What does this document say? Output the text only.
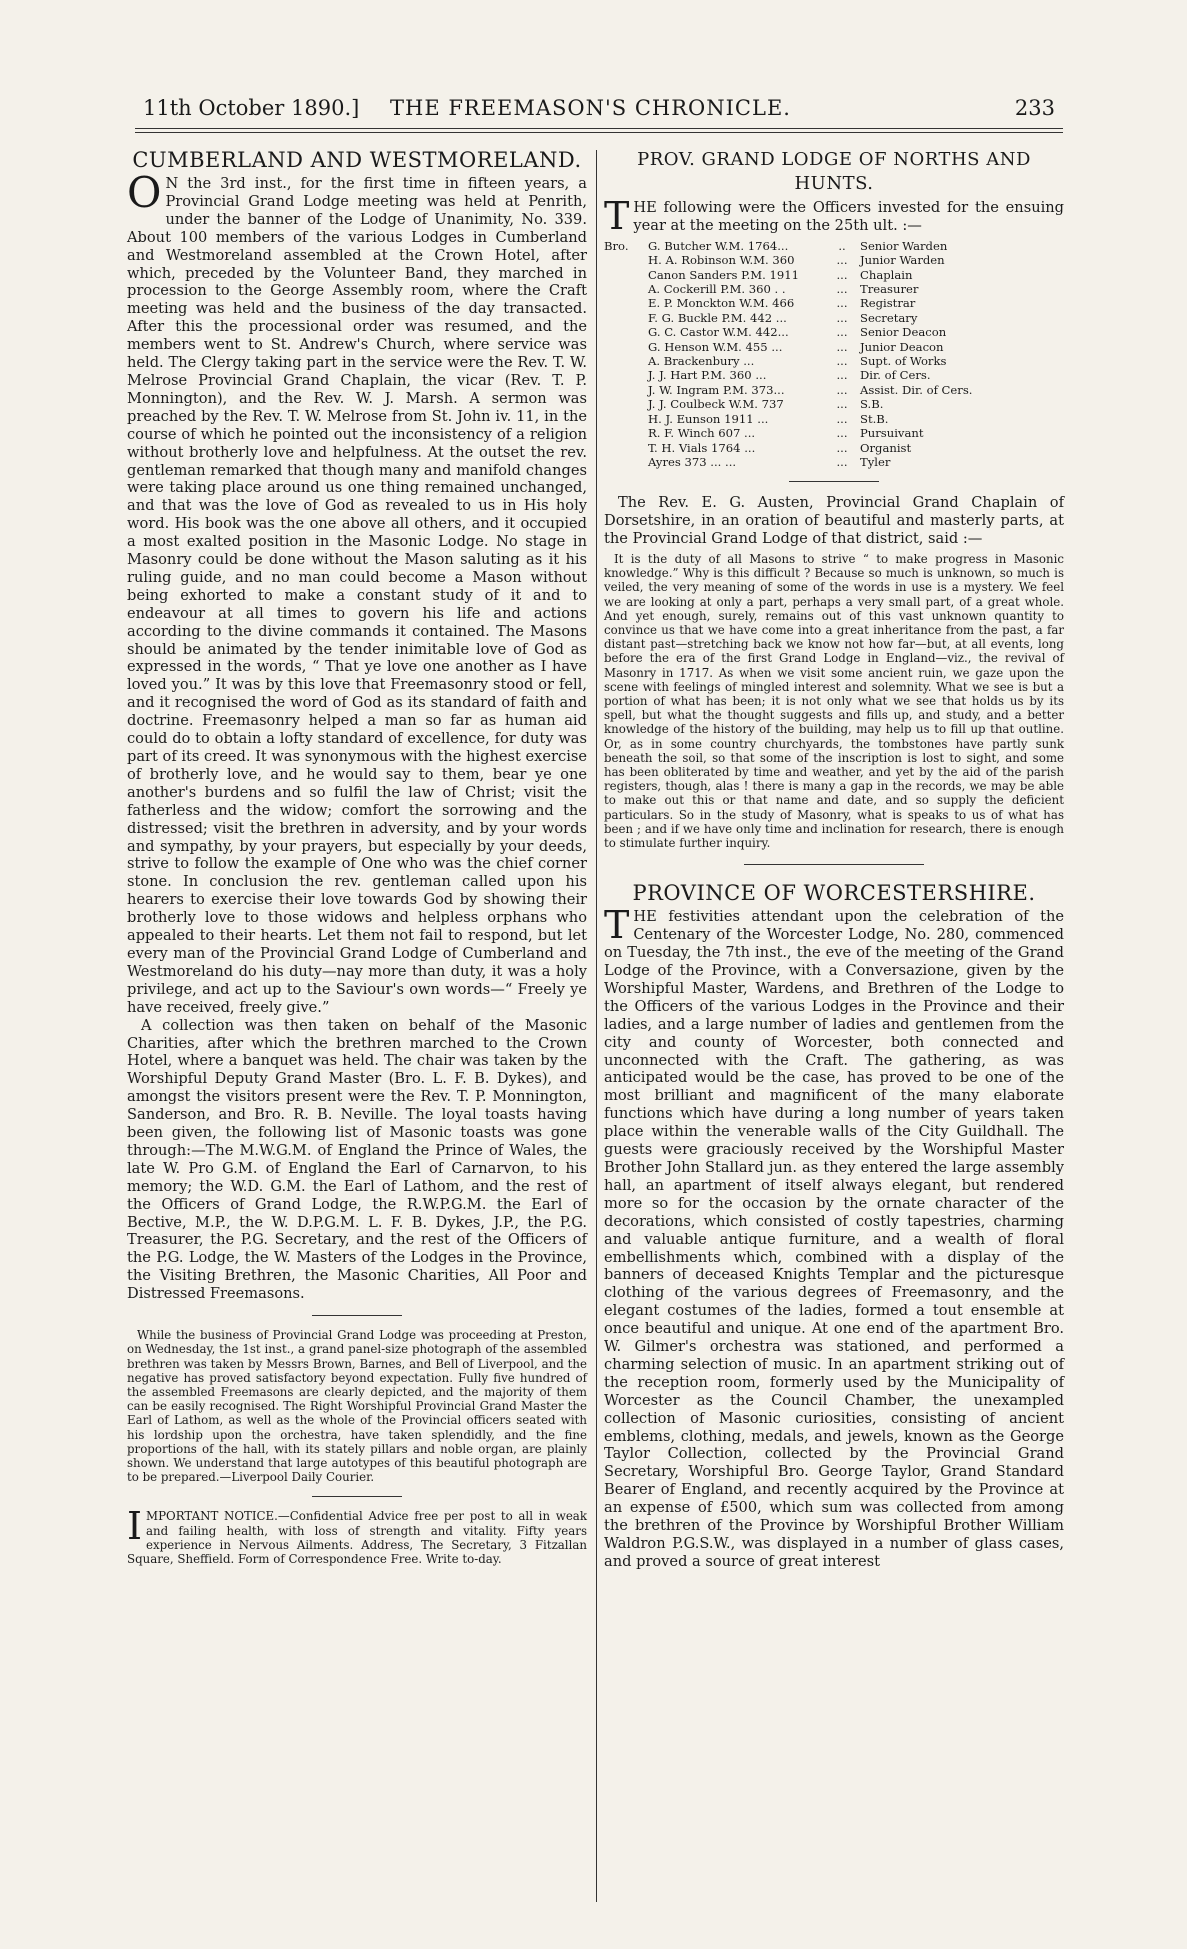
11th October 1890.] THE FREEMASON'S CHRONICLE.	233
CUMBERLAND AND WESTMORELAND.

O N the 3rd inst., for the first time in fifteen years, a Provincial Grand Lodge meeting was held at Penrith, under the banner of the Lodge of Unanimity, No. 339. About 100 members of the various Lodges in Cumberland and Westmoreland assembled at the Crown Hotel, after which, preceded by the Volunteer Band, they marched in procession to the George Assembly room, where the Craft meeting was held and the business of the day transacted. After this the processional order was resumed, and the members went to St. Andrew's Church, where service was held. The Clergy taking part in the service were the Rev. T. W. Melrose Provincial Grand Chaplain, the vicar (Rev. T. P. Monnington), and the Rev. W. J. Marsh. A sermon was preached by the Rev. T. W. Melrose from St. John iv. 11, in the course of which he pointed out the inconsistency of a religion without brotherly love and helpfulness. At the outset the rev. gentleman remarked that though many and manifold changes were taking place around us one thing remained unchanged, and that was the love of God as revealed to us in His holy word. His book was the one above all others, and it occupied a most exalted position in the Masonic Lodge. No stage in Masonry could be done without the Mason saluting as it his ruling guide, and no man could become a Mason without being exhorted to make a constant study of it and to endeavour at all times to govern his life and actions according to the divine commands it contained. The Masons should be animated by the tender inimitable love of God as expressed in the words, “ That ye love one another as I have loved you.” It was by this love that Freemasonry stood or fell, and it recognised the word of God as its standard of faith and doctrine. Freemasonry helped a man so far as human aid could do to obtain a lofty standard of excellence, for duty was part of its creed. It was synonymous with the highest exercise of brotherly love, and he would say to them, bear ye one another's burdens and so fulfil the law of Christ; visit the fatherless and the widow; comfort the sorrowing and the distressed; visit the brethren in adversity, and by your words and sympathy, by your prayers, but especially by your deeds, strive to follow the example of One who was the chief corner stone. In conclusion the rev. gentleman called upon his hearers to exercise their love towards God by showing their brotherly love to those widows and helpless orphans who appealed to their hearts. Let them not fail to respond, but let every man of the Provincial Grand Lodge of Cumberland and Westmoreland do his duty—nay more than duty, it was a holy privilege, and act up to the Saviour's own words—“ Freely ye have received, freely give.”

A collection was then taken on behalf of the Masonic Charities, after which the brethren marched to the Crown Hotel, where a banquet was held. The chair was taken by the Worshipful Deputy Grand Master (Bro. L. F. B. Dykes), and amongst the visitors present were the Rev. T. P. Monnington, Sanderson, and Bro. R. B. Neville. The loyal toasts having been given, the following list of Masonic toasts was gone through:—The M.W.G.M. of England the Prince of Wales, the late W. Pro G.M. of England the Earl of Carnarvon, to his memory; the W.D. G.M. the Earl of Lathom, and the rest of the Officers of Grand Lodge, the R.W.P.G.M. the Earl of Bective, M.P., the W. D.P.G.M. L. F. B. Dykes, J.P., the P.G. Treasurer, the P.G. Secretary, and the rest of the Officers of the P.G. Lodge, the W. Masters of the Lodges in the Province, the Visiting Brethren, the Masonic Charities, All Poor and Distressed Freemasons.

While the business of Provincial Grand Lodge was proceeding at Preston, on Wednesday, the 1st inst., a grand panel-size photograph of the assembled brethren was taken by Messrs Brown, Barnes, and Bell of Liverpool, and the negative has proved satisfactory beyond expectation. Fully five hundred of the assembled Freemasons are clearly depicted, and the majority of them can be easily recognised. The Right Worshipful Provincial Grand Master the Earl of Lathom, as well as the whole of the Provincial officers seated with his lordship upon the orchestra, have taken splendidly, and the fine proportions of the hall, with its stately pillars and noble organ, are plainly shown. We understand that large autotypes of this beautiful photograph are to be prepared.—Liverpool Daily Courier.

IMPORTANT NOTICE.—Confidential Advice free per post to all in weak and failing health, with loss of strength and vitality. Fifty years experience in Nervous Ailments. Address, The Secretary, 3 Fitzallan Square, Sheffield. Form of Correspondence Free. Write to-day.
PROV. GRAND LODGE OF NORTHS AND HUNTS.

THE following were the Officers invested for the ensuing year at the meeting on the 25th ult. :—

Bro.	G. Butcher W.M. 1764...	..	Senior Warden
H. A. Robinson W.M. 360	...	Junior Warden
Canon Sanders P.M. 1911	...	Chaplain
A. Cockerill P.M. 360 . .	...	Treasurer
E. P. Monckton W.M. 466	...	Registrar
F. G. Buckle P.M. 442 ...	...	Secretary
G. C. Castor W.M. 442...	...	Senior Deacon
G. Henson W.M. 455 ...	...	Junior Deacon
A. Brackenbury ...	...	Supt. of Works
J. J. Hart P.M. 360 ...	...	Dir. of Cers.
J. W. Ingram P.M. 373...	...	Assist. Dir. of Cers.
J. J. Coulbeck W.M. 737	...	S.B.
H. J. Eunson 1911 ...	...	St.B.
R. F. Winch 607 ...	...	Pursuivant
T. H. Vials 1764 ...	...	Organist
Ayres 373 ... ...	...	Tyler

The Rev. E. G. Austen, Provincial Grand Chaplain of Dorsetshire, in an oration of beautiful and masterly parts, at the Provincial Grand Lodge of that district, said :—

It is the duty of all Masons to strive “ to make progress in Masonic knowledge.” Why is this difficult ? Because so much is unknown, so much is veiled, the very meaning of some of the words in use is a mystery. We feel we are looking at only a part, perhaps a very small part, of a great whole. And yet enough, surely, remains out of this vast unknown quantity to convince us that we have come into a great inheritance from the past, a far distant past—stretching back we know not how far—but, at all events, long before the era of the first Grand Lodge in England—viz., the revival of Masonry in 1717. As when we visit some ancient ruin, we gaze upon the scene with feelings of mingled interest and solemnity. What we see is but a portion of what has been; it is not only what we see that holds us by its spell, but what the thought suggests and fills up, and study, and a better knowledge of the history of the building, may help us to fill up that outline. Or, as in some country churchyards, the tombstones have partly sunk beneath the soil, so that some of the inscription is lost to sight, and some has been obliterated by time and weather, and yet by the aid of the parish registers, though, alas ! there is many a gap in the records, we may be able to make out this or that name and date, and so supply the deficient particulars. So in the study of Masonry, what is speaks to us of what has been ; and if we have only time and inclination for research, there is enough to stimulate further inquiry.

PROVINCE OF WORCESTERSHIRE.

THE festivities attendant upon the celebration of the Centenary of the Worcester Lodge, No. 280, commenced on Tuesday, the 7th inst., the eve of the meeting of the Grand Lodge of the Province, with a Conversazione, given by the Worshipful Master, Wardens, and Brethren of the Lodge to the Officers of the various Lodges in the Province and their ladies, and a large number of ladies and gentlemen from the city and county of Worcester, both connected and unconnected with the Craft. The gathering, as was anticipated would be the case, has proved to be one of the most brilliant and magnificent of the many elaborate functions which have during a long number of years taken place within the venerable walls of the City Guildhall. The guests were graciously received by the Worshipful Master Brother John Stallard jun. as they entered the large assembly hall, an apartment of itself always elegant, but rendered more so for the occasion by the ornate character of the decorations, which consisted of costly tapestries, charming and valuable antique furniture, and a wealth of floral embellishments which, combined with a display of the banners of deceased Knights Templar and the picturesque clothing of the various degrees of Freemasonry, and the elegant costumes of the ladies, formed a tout ensemble at once beautiful and unique. At one end of the apartment Bro. W. Gilmer's orchestra was stationed, and performed a charming selection of music. In an apartment striking out of the reception room, formerly used by the Municipality of Worcester as the Council Chamber, the unexampled collection of Masonic curiosities, consisting of ancient emblems, clothing, medals, and jewels, known as the George Taylor Collection, collected by the Provincial Grand Secretary, Worshipful Bro. George Taylor, Grand Standard Bearer of England, and recently acquired by the Province at an expense of £500, which sum was collected from among the brethren of the Province by Worshipful Brother William Waldron P.G.S.W., was displayed in a number of glass cases, and proved a source of great interest
